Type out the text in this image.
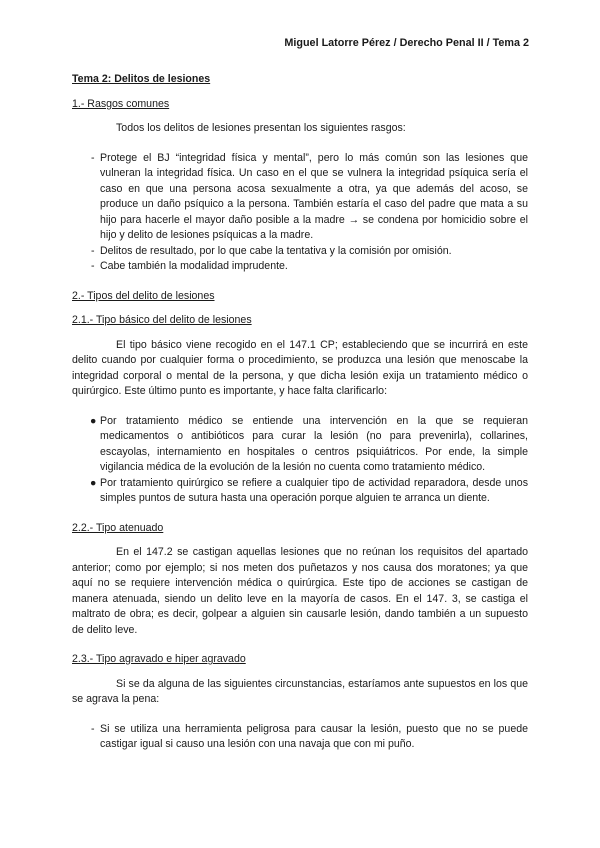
Miguel Latorre Pérez / Derecho Penal II / Tema 2
Tema 2: Delitos de lesiones
1.- Rasgos comunes

Todos los delitos de lesiones presentan los siguientes rasgos:

- Protege el BJ “integridad física y mental”, pero lo más común son las lesiones que vulneran la integridad física. Un caso en el que se vulnera la integridad psíquica sería el caso en que una persona acosa sexualmente a otra, ya que además del acoso, se produce un daño psíquico a la persona. También estaría el caso del padre que mata a su hijo para hacerle el mayor daño posible a la madre → se condena por homicidio sobre el hijo y delito de lesiones psíquicas a la madre.
- Delitos de resultado, por lo que cabe la tentativa y la comisión por omisión.
- Cabe también la modalidad imprudente.
2.- Tipos del delito de lesiones
2.1.- Tipo básico del delito de lesiones

El tipo básico viene recogido en el 147.1 CP; estableciendo que se incurrirá en este delito cuando por cualquier forma o procedimiento, se produzca una lesión que menoscabe la integridad corporal o mental de la persona, y que dicha lesión exija un tratamiento médico o quirúrgico. Este último punto es importante, y hace falta clarificarlo:

● Por tratamiento médico se entiende una intervención en la que se requieran medicamentos o antibióticos para curar la lesión (no para prevenirla), collarines, escayolas, internamiento en hospitales o centros psiquiátricos. Por ende, la simple vigilancia médica de la evolución de la lesión no cuenta como tratamiento médico.
● Por tratamiento quirúrgico se refiere a cualquier tipo de actividad reparadora, desde unos simples puntos de sutura hasta una operación porque alguien te arranca un diente.
2.2.- Tipo atenuado

En el 147.2 se castigan aquellas lesiones que no reúnan los requisitos del apartado anterior; como por ejemplo; si nos meten dos puñetazos y nos causa dos moratones; ya que aquí no se requiere intervención médica o quirúrgica. Este tipo de acciones se castigan de manera atenuada, siendo un delito leve en la mayoría de casos. En el 147. 3, se castiga el maltrato de obra; es decir, golpear a alguien sin causarle lesión, dando también a un supuesto de delito leve.

2.3.- Tipo agravado e hiper agravado

Si se da alguna de las siguientes circunstancias, estaríamos ante supuestos en los que se agrava la pena:

- Si se utiliza una herramienta peligrosa para causar la lesión, puesto que no se puede castigar igual si causo una lesión con una navaja que con mi puño.
